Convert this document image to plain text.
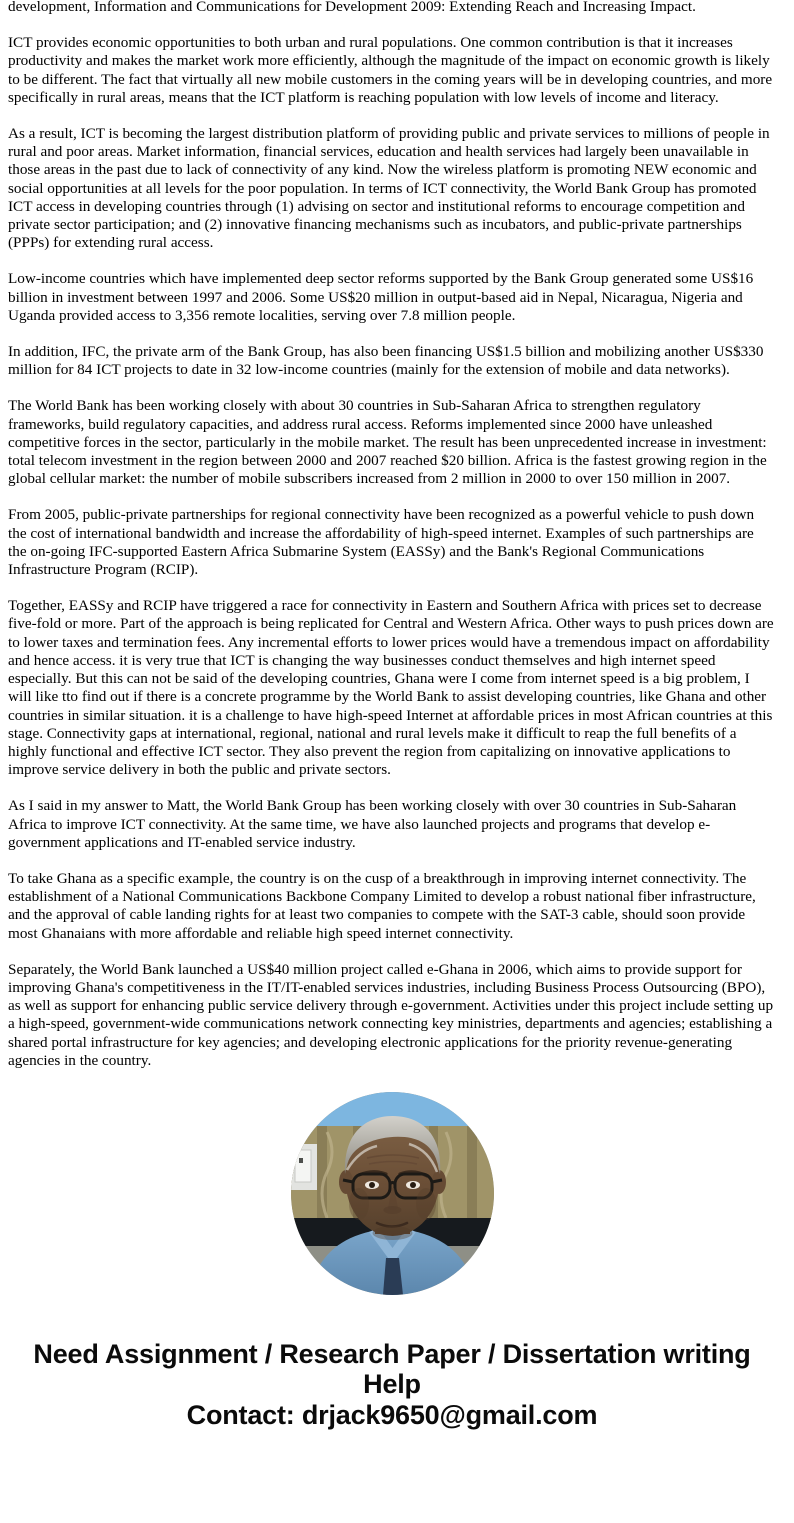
development, Information and Communications for Development 2009: Extending Reach and Increasing Impact.

ICT provides economic opportunities to both urban and rural populations. One common contribution is that it increases productivity and makes the market work more efficiently, although the magnitude of the impact on economic growth is likely to be different. The fact that virtually all new mobile customers in the coming years will be in developing countries, and more specifically in rural areas, means that the ICT platform is reaching population with low levels of income and literacy.

As a result, ICT is becoming the largest distribution platform of providing public and private services to millions of people in rural and poor areas. Market information, financial services, education and health services had largely been unavailable in those areas in the past due to lack of connectivity of any kind. Now the wireless platform is promoting NEW economic and social opportunities at all levels for the poor population. In terms of ICT connectivity, the World Bank Group has promoted ICT access in developing countries through (1) advising on sector and institutional reforms to encourage competition and private sector participation; and (2) innovative financing mechanisms such as incubators, and public-private partnerships (PPPs) for extending rural access.

Low-income countries which have implemented deep sector reforms supported by the Bank Group generated some US$16 billion in investment between 1997 and 2006. Some US$20 million in output-based aid in Nepal, Nicaragua, Nigeria and Uganda provided access to 3,356 remote localities, serving over 7.8 million people.

In addition, IFC, the private arm of the Bank Group, has also been financing US$1.5 billion and mobilizing another US$330 million for 84 ICT projects to date in 32 low-income countries (mainly for the extension of mobile and data networks).

The World Bank has been working closely with about 30 countries in Sub-Saharan Africa to strengthen regulatory frameworks, build regulatory capacities, and address rural access. Reforms implemented since 2000 have unleashed competitive forces in the sector, particularly in the mobile market. The result has been unprecedented increase in investment: total telecom investment in the region between 2000 and 2007 reached $20 billion. Africa is the fastest growing region in the global cellular market: the number of mobile subscribers increased from 2 million in 2000 to over 150 million in 2007.

From 2005, public-private partnerships for regional connectivity have been recognized as a powerful vehicle to push down the cost of international bandwidth and increase the affordability of high-speed internet. Examples of such partnerships are the on-going IFC-supported Eastern Africa Submarine System (EASSy) and the Bank's Regional Communications Infrastructure Program (RCIP).

Together, EASSy and RCIP have triggered a race for connectivity in Eastern and Southern Africa with prices set to decrease five-fold or more. Part of the approach is being replicated for Central and Western Africa. Other ways to push prices down are to lower taxes and termination fees. Any incremental efforts to lower prices would have a tremendous impact on affordability and hence access. it is very true that ICT is changing the way businesses conduct themselves and high internet speed especially. But this can not be said of the developing countries, Ghana were I come from internet speed is a big problem, I will like tto find out if there is a concrete programme by the World Bank to assist developing countries, like Ghana and other countries in similar situation. it is a challenge to have high-speed Internet at affordable prices in most African countries at this stage. Connectivity gaps at international, regional, national and rural levels make it difficult to reap the full benefits of a highly functional and effective ICT sector. They also prevent the region from capitalizing on innovative applications to improve service delivery in both the public and private sectors.

As I said in my answer to Matt, the World Bank Group has been working closely with over 30 countries in Sub-Saharan Africa to improve ICT connectivity. At the same time, we have also launched projects and programs that develop e-government applications and IT-enabled service industry.

To take Ghana as a specific example, the country is on the cusp of a breakthrough in improving internet connectivity. The establishment of a National Communications Backbone Company Limited to develop a robust national fiber infrastructure, and the approval of cable landing rights for at least two companies to compete with the SAT-3 cable, should soon provide most Ghanaians with more affordable and reliable high speed internet connectivity.

Separately, the World Bank launched a US$40 million project called e-Ghana in 2006, which aims to provide support for improving Ghana's competitiveness in the IT/IT-enabled services industries, including Business Process Outsourcing (BPO), as well as support for enhancing public service delivery through e-government. Activities under this project include setting up a high-speed, government-wide communications network connecting key ministries, departments and agencies; establishing a shared portal infrastructure for key agencies; and developing electronic applications for the priority revenue-generating agencies in the country.

Need Assignment / Research Paper / Dissertation writing Help
Contact: drjack9650@gmail.com
